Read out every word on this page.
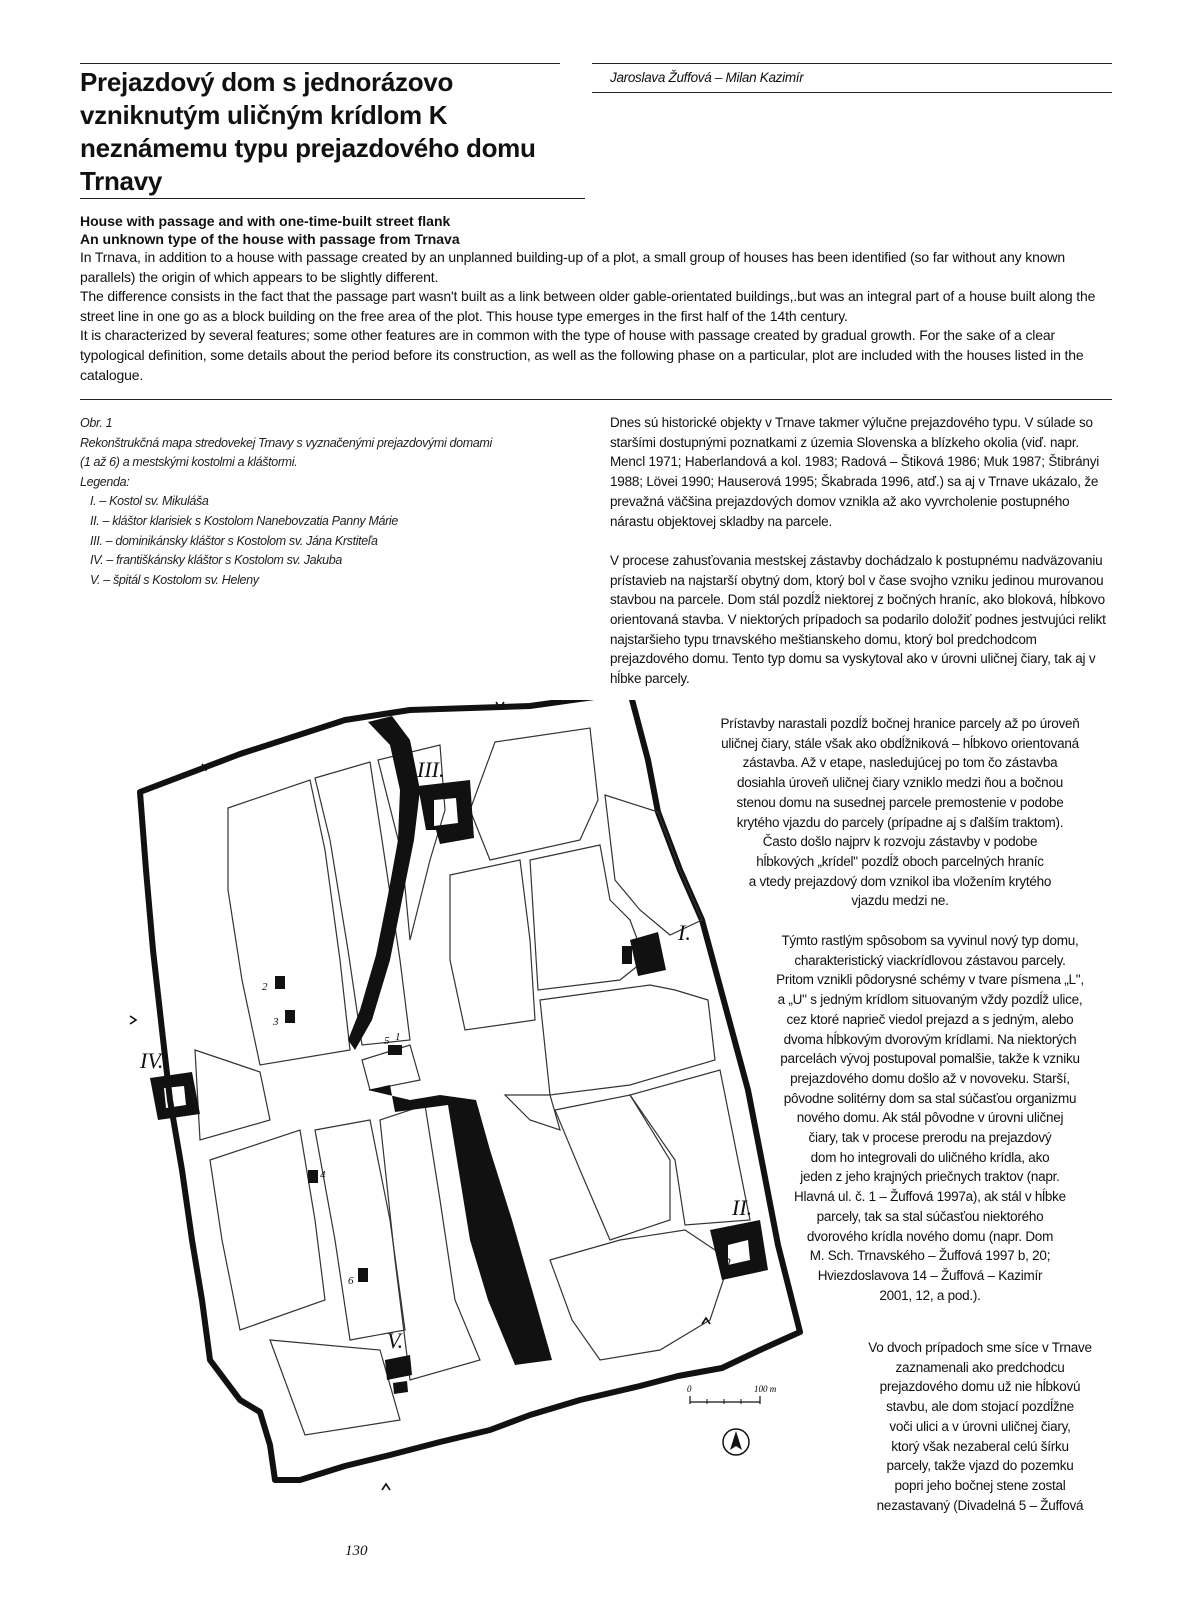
Prejazdový dom s jednorázovo vzniknutým uličným krídlom K neznámemu typu prejazdového domu Trnavy
Jaroslava Žuffová – Milan Kazimír
House with passage and with one-time-built street flank
An unknown type of the house with passage from Trnava
In Trnava, in addition to a house with passage created by an unplanned building-up of a plot, a small group of houses has been identified (so far without any known parallels) the origin of which appears to be slightly different.
The difference consists in the fact that the passage part wasn't built as a link between older gable-orientated buildings,.but was an integral part of a house built along the street line in one go as a block building on the free area of the plot. This house type emerges in the first half of the 14th century.
It is characterized by several features; some other features are in common with the type of house with passage created by gradual growth. For the sake of a clear typological definition, some details about the period before its construction, as well as the following phase on a particular, plot are included with the houses listed in the catalogue.
Obr. 1
Rekonštrukčná mapa stredovekej Trnavy s vyznačenými prejazdovými domami (1 až 6) a mestskými kostolmi a kláštormi.
Legenda:
I. – Kostol sv. Mikuláša
II. – kláštor klarisiek s Kostolom Nanebovzatia Panny Márie
III. – dominikánsky kláštor s Kostolom sv. Jána Krstiteľa
IV. – františkánsky kláštor s Kostolom sv. Jakuba
V. – špitál s Kostolom sv. Heleny

Dnes sú historické objekty v Trnave takmer výlučne prejazdového typu. V súlade so staršími dostupnými poznatkami z územia Slovenska a blízkeho okolia (viď. napr. Mencl 1971; Haberlandová a kol. 1983; Radová – Štiková 1986; Muk 1987; Štibrányi 1988; Lövei 1990; Hauserová 1995; Škabrada 1996, atď.) sa aj v Trnave ukázalo, že prevažná väčšina prejazdových domov vznikla až ako vyvrcholenie postupného nárastu objektovej skladby na parcele.

V procese zahusťovania mestskej zástavby dochádzalo k postupnému nadväzovaniu prístavieb na najstarší obytný dom, ktorý bol v čase svojho vzniku jedinou murovanou stavbou na parcele. Dom stál pozdĺž niektorej z bočných hraníc, ako bloková, hĺbkovo orientovaná stavba. V niektorých prípadoch sa podarilo doložiť podnes jestvujúci relikt najstaršieho typu trnavského meštianskeho domu, ktorý bol predchodcom prejazdového domu. Tento typ domu sa vyskytoval ako v úrovni uličnej čiary, tak aj v hĺbke parcely.

Prístavby narastali pozdĺž bočnej hranice parcely až po úroveň
uličnej čiary, stále však ako obdĺžniková – hĺbkovo orientovaná
zástavba. Až v etape, nasledujúcej po tom čo zástavba
dosiahla úroveň uličnej čiary vzniklo medzi ňou a bočnou
stenou domu na susednej parcele premostenie v podobe
krytého vjazdu do parcely (prípadne aj s ďalším traktom).
Často došlo najprv k rozvoju zástavby v podobe
hĺbkových „krídel" pozdĺž oboch parcelných hraníc
a vtedy prejazdový dom vznikol iba vložením krytého
vjazdu medzi ne.
Týmto rastlým spôsobom sa vyvinul nový typ domu,
charakteristický viackrídlovou zástavou parcely.
Pritom vznikli pôdorysné schémy v tvare písmena „L",
a „U" s jedným krídlom situovaným vždy pozdĺž ulice,
cez ktoré naprieč viedol prejazd a s jedným, alebo
dvoma hĺbkovým dvorovým krídlami. Na niektorých
parcelách vývoj postupoval pomalšie, takže k vzniku
prejazdového domu došlo až v novoveku. Starší,
pôvodne solitérny dom sa stal súčasťou organizmu
nového domu. Ak stál pôvodne v úrovni uličnej
čiary, tak v procese prerodu na prejazdový
dom ho integrovali do uličného krídla, ako
jeden z jeho krajných priečnych traktov (napr.
Hlavná ul. č. 1 – Žuffová 1997a), ak stál v hĺbke
parcely, tak sa stal súčasťou niektorého
dvorového krídla nového domu (napr. Dom
M. Sch. Trnavského – Žuffová 1997 b, 20;
Hviezdoslavova 14 – Žuffová – Kazimír
2001, 12, a pod.).
Vo dvoch prípadoch sme síce v Trnave
zaznamenali ako predchodcu
prejazdového domu už nie hĺbkovú
stavbu, ale dom stojací pozdĺžne
voči ulici a v úrovni uličnej čiary,
ktorý však nezaberal celú šírku
parcely, takže vjazd do pozemku
popri jeho bočnej stene zostal
nezastavaný (Divadelná 5 – Žuffová
III.
I.
II.
IV.
V.
1
2
3
4
5
6
0	100 m
130
